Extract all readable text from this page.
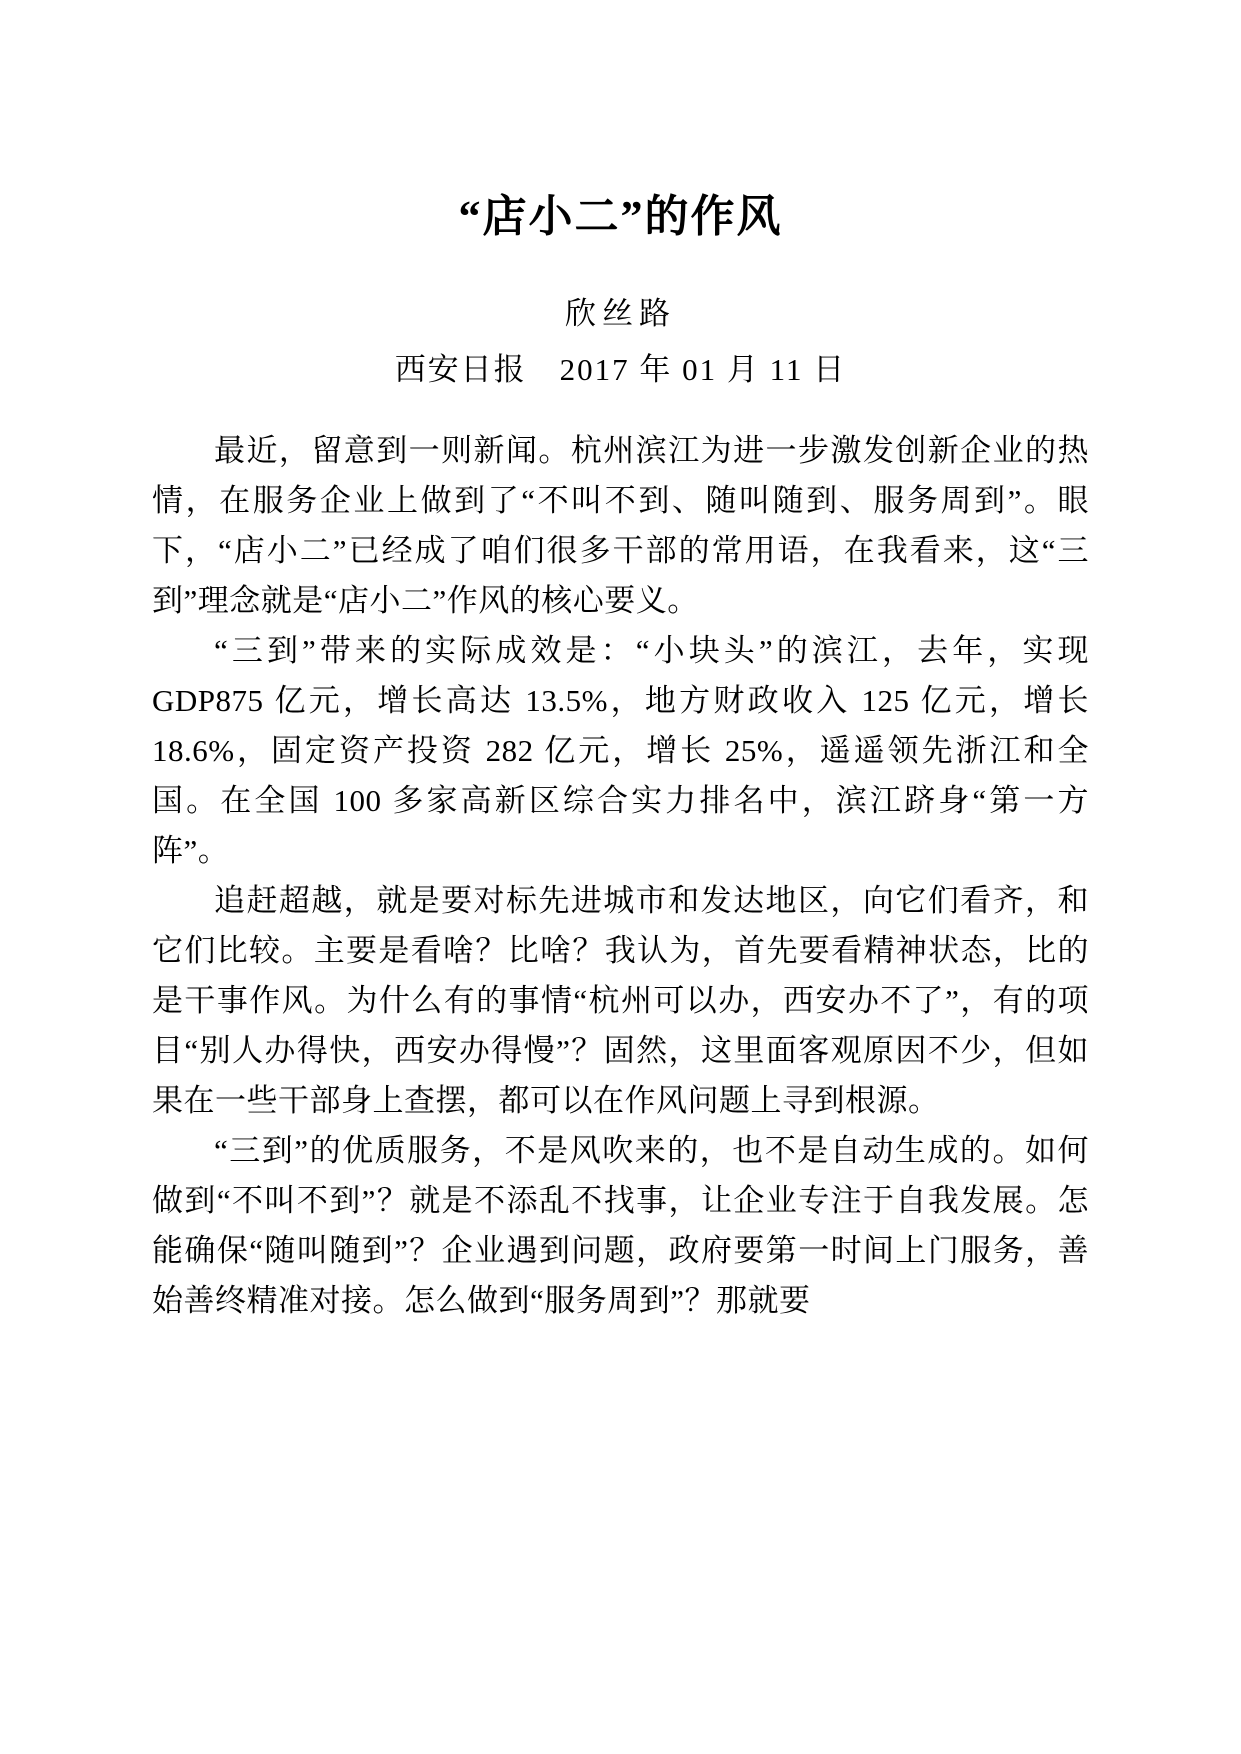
“店小二”的作风
欣丝路
西安日报　2017 年 01 月 11 日

最近，留意到一则新闻。杭州滨江为进一步激发创新企业的热情，在服务企业上做到了“不叫不到、随叫随到、服务周到”。眼下，“店小二”已经成了咱们很多干部的常用语，在我看来，这“三到”理念就是“店小二”作风的核心要义。

“三到”带来的实际成效是：“小块头”的滨江，去年，实现 GDP875 亿元，增长高达 13.5%，地方财政收入 125 亿元，增长 18.6%，固定资产投资 282 亿元，增长 25%，遥遥领先浙江和全国。在全国 100 多家高新区综合实力排名中，滨江跻身“第一方阵”。

追赶超越，就是要对标先进城市和发达地区，向它们看齐，和它们比较。主要是看啥？比啥？我认为，首先要看精神状态，比的是干事作风。为什么有的事情“杭州可以办，西安办不了”，有的项目“别人办得快，西安办得慢”？固然，这里面客观原因不少，但如果在一些干部身上查摆，都可以在作风问题上寻到根源。

“三到”的优质服务，不是风吹来的，也不是自动生成的。如何做到“不叫不到”？就是不添乱不找事，让企业专注于自我发展。怎能确保“随叫随到”？企业遇到问题，政府要第一时间上门服务，善始善终精准对接。怎么做到“服务周到”？那就要
